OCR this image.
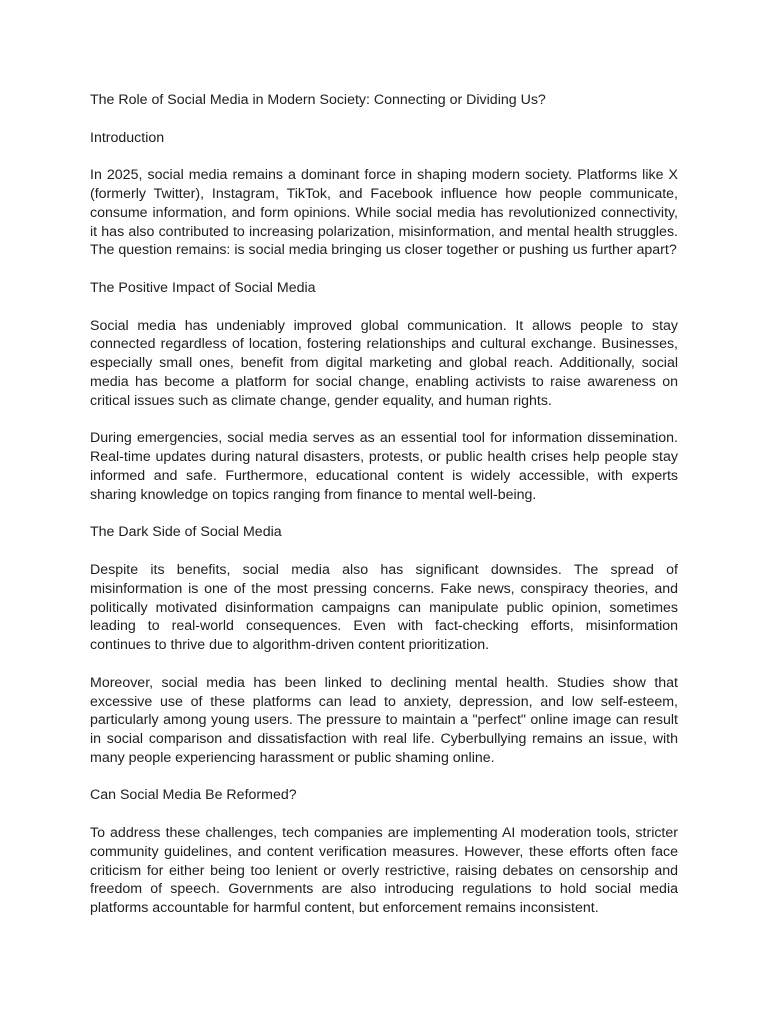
The Role of Social Media in Modern Society: Connecting or Dividing Us?

Introduction

In 2025, social media remains a dominant force in shaping modern society. Platforms like X (formerly Twitter), Instagram, TikTok, and Facebook influence how people communicate, consume information, and form opinions. While social media has revolutionized connectivity, it has also contributed to increasing polarization, misinformation, and mental health struggles. The question remains: is social media bringing us closer together or pushing us further apart?

The Positive Impact of Social Media

Social media has undeniably improved global communication. It allows people to stay connected regardless of location, fostering relationships and cultural exchange. Businesses, especially small ones, benefit from digital marketing and global reach. Additionally, social media has become a platform for social change, enabling activists to raise awareness on critical issues such as climate change, gender equality, and human rights.

During emergencies, social media serves as an essential tool for information dissemination. Real-time updates during natural disasters, protests, or public health crises help people stay informed and safe. Furthermore, educational content is widely accessible, with experts sharing knowledge on topics ranging from finance to mental well-being.

The Dark Side of Social Media

Despite its benefits, social media also has significant downsides. The spread of misinformation is one of the most pressing concerns. Fake news, conspiracy theories, and politically motivated disinformation campaigns can manipulate public opinion, sometimes leading to real-world consequences. Even with fact-checking efforts, misinformation continues to thrive due to algorithm-driven content prioritization.

Moreover, social media has been linked to declining mental health. Studies show that excessive use of these platforms can lead to anxiety, depression, and low self-esteem, particularly among young users. The pressure to maintain a "perfect" online image can result in social comparison and dissatisfaction with real life. Cyberbullying remains an issue, with many people experiencing harassment or public shaming online.

Can Social Media Be Reformed?

To address these challenges, tech companies are implementing AI moderation tools, stricter community guidelines, and content verification measures. However, these efforts often face criticism for either being too lenient or overly restrictive, raising debates on censorship and freedom of speech. Governments are also introducing regulations to hold social media platforms accountable for harmful content, but enforcement remains inconsistent.
